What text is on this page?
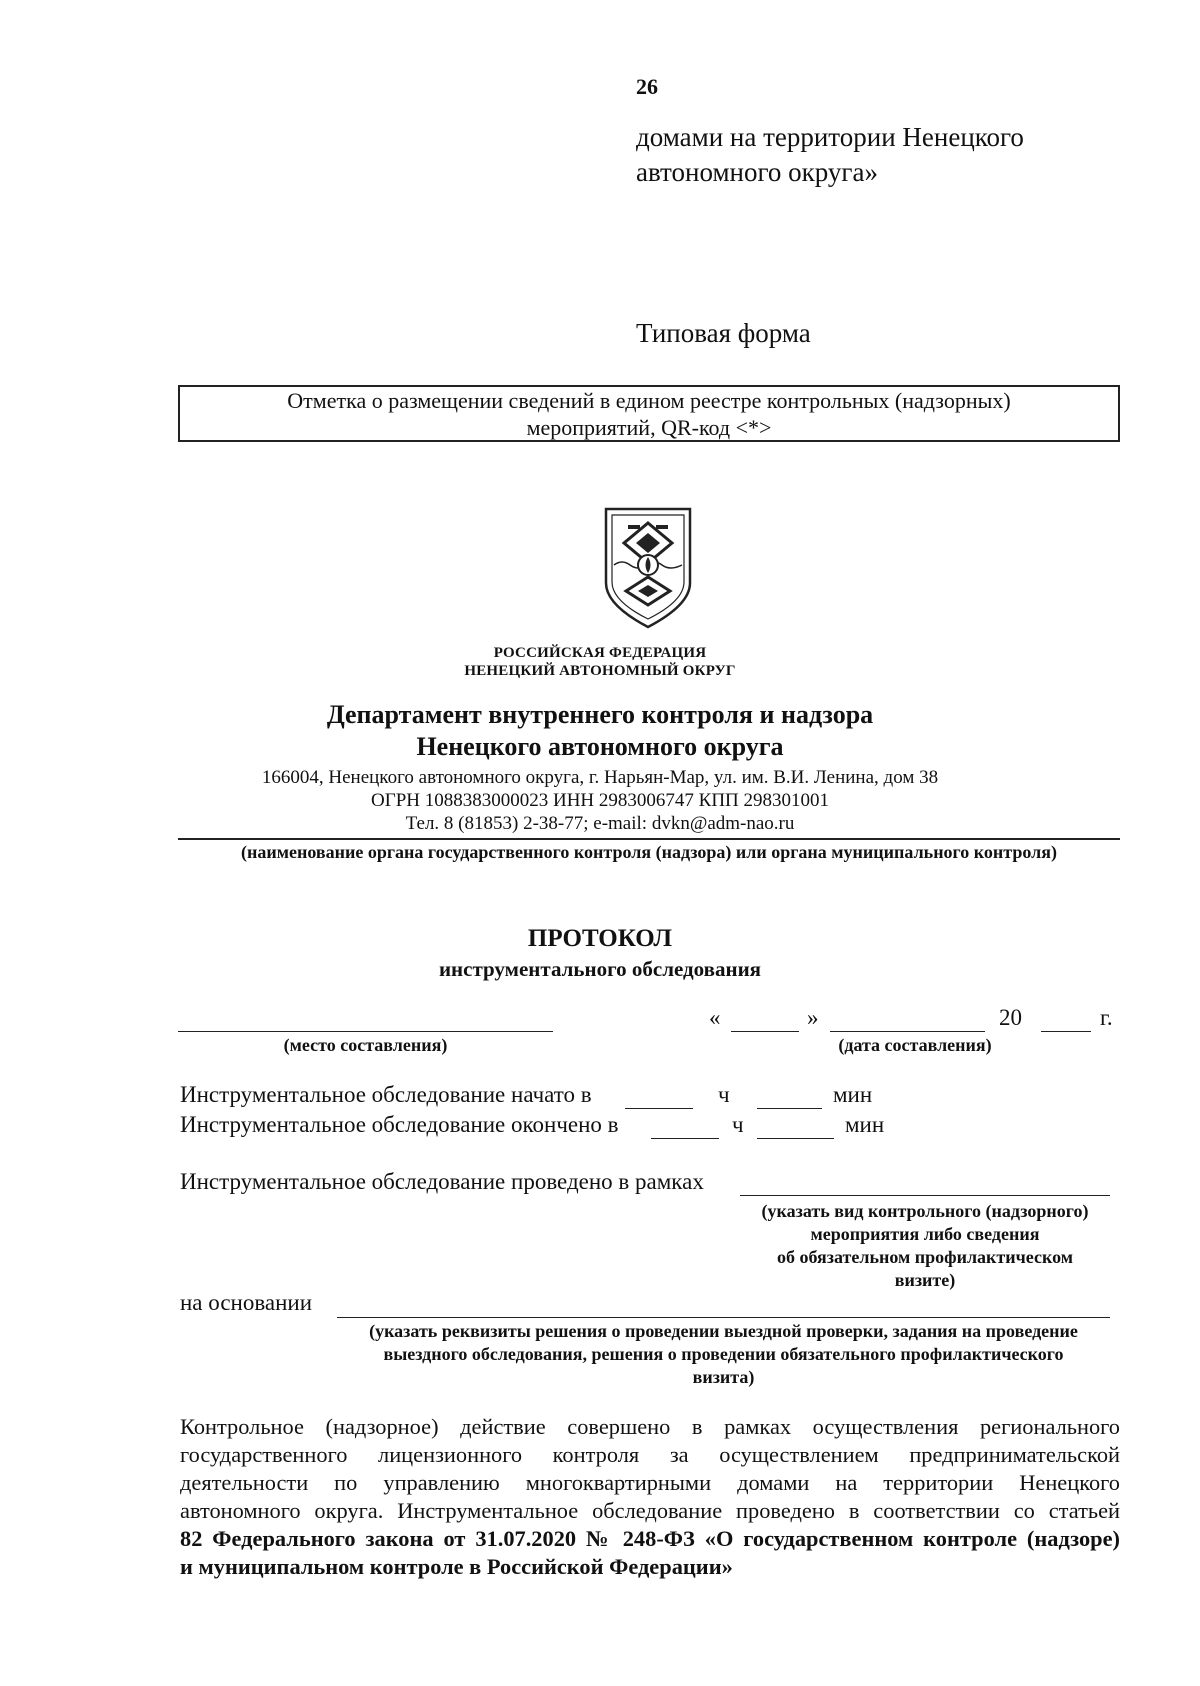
26
домами на территории Ненецкого
автономного округа»
Типовая форма
Отметка о размещении сведений в едином реестре контрольных (надзорных)
мероприятий, QR-код <*>
РОССИЙСКАЯ ФЕДЕРАЦИЯ
НЕНЕЦКИЙ АВТОНОМНЫЙ ОКРУГ
Департамент внутреннего контроля и надзора
Ненецкого автономного округа
166004, Ненецкого автономного округа, г. Нарьян-Мар, ул. им. В.И. Ленина, дом 38
ОГРН 1088383000023 ИНН 2983006747 КПП 298301001
Тел. 8 (81853) 2-38-77; e-mail: dvkn@adm-nao.ru
(наименование органа государственного контроля (надзора) или органа муниципального контроля)
ПРОТОКОЛ
инструментального обследования
(место составления)
«	»	20	г.
(дата составления)
Инструментальное обследование начато в	ч	мин
Инструментальное обследование окончено в	ч	мин
Инструментальное обследование проведено в рамках
(указать вид контрольного (надзорного)
мероприятия либо сведения
об обязательном профилактическом
визите)
на основании
(указать реквизиты решения о проведении выездной проверки, задания на проведение
выездного обследования, решения о проведении обязательного профилактического
визита)
Контрольное (надзорное) действие совершено в рамках осуществления регионального
государственного лицензионного контроля за осуществлением предпринимательской
деятельности по управлению многоквартирными домами на территории Ненецкого
автономного округа. Инструментальное обследование проведено в соответствии со статьей
82 Федерального закона от 31.07.2020 № 248-ФЗ «О государственном контроле (надзоре)
и муниципальном контроле в Российской Федерации»
